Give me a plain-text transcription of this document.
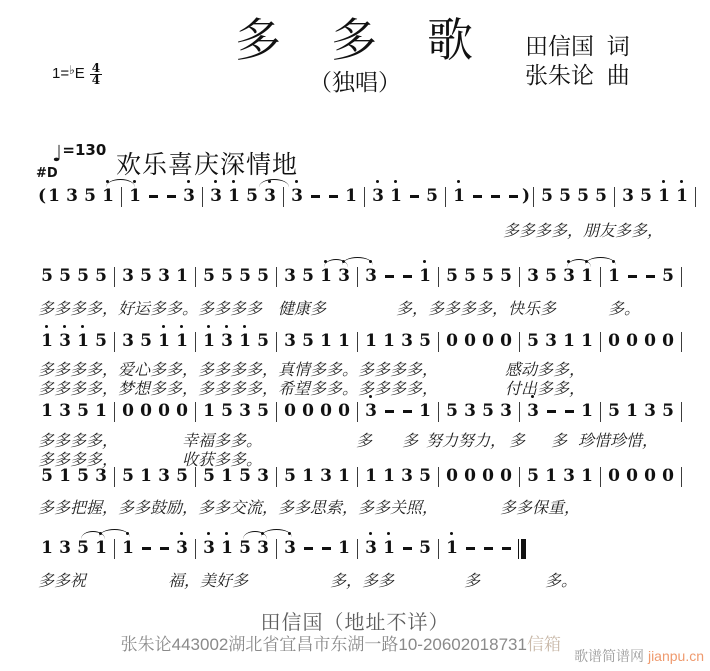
多　多　歌
（独唱）
田信国  词
张朱论  曲
$1=^♭E \frac{4}{4}$
♩=130
#D 欢乐喜庆深情地
( 1 3 5 1 1 3 3 1 5 3 3 1 3 1 5 1	) 5 5 5 5 3 5 1 1
5 5 5 5 3 5 3 1 5 5 5 5 3 5 1 3 3 1 5 5 5 5 3 5 3 1 1 5
1 3 1 5 3 5 1 1 1 3 1 5 3 5 1 1 1 1 3 5 0 0 0 0 5 3 1 1 0 0 0 0
1 3 5 1 0 0 0 0 1 5 3 5 0 0 0 0 3 1 5 3 5 3 3 1 5 1 3 5
5 1 5 3 5 1 3 5 5 1 5 3 5 1 3 1 1 1 3 5 0 0 0 0 5 1 3 1 0 0 0 0
1 3 5 1 1 3 3 1 5 3 3 1 3 1 5 1
多多多多，朋友多多，
多多多多，好运多多。多多多多　健康多	多，多多多多，快乐多	多。
多多多多，爱心多多，多多多多，真情多多。多多多多，	感动多多，
多多多多，梦想多多，多多多多，希望多多。多多多多，	付出多多，
多多多多，	幸福多多。	多 多 努力努力， 多 多 珍惜珍惜，
多多多多，	收获多多。
多多把握，多多鼓励，多多交流，多多思索，多多关照，	多多保重，
多多祝	福，美好多	多，多多	多	多。
田信国（地址不详）
张朱论443002湖北省宜昌市东湖一路10-20602018731信箱
歌谱简谱网 jianpu.cn
